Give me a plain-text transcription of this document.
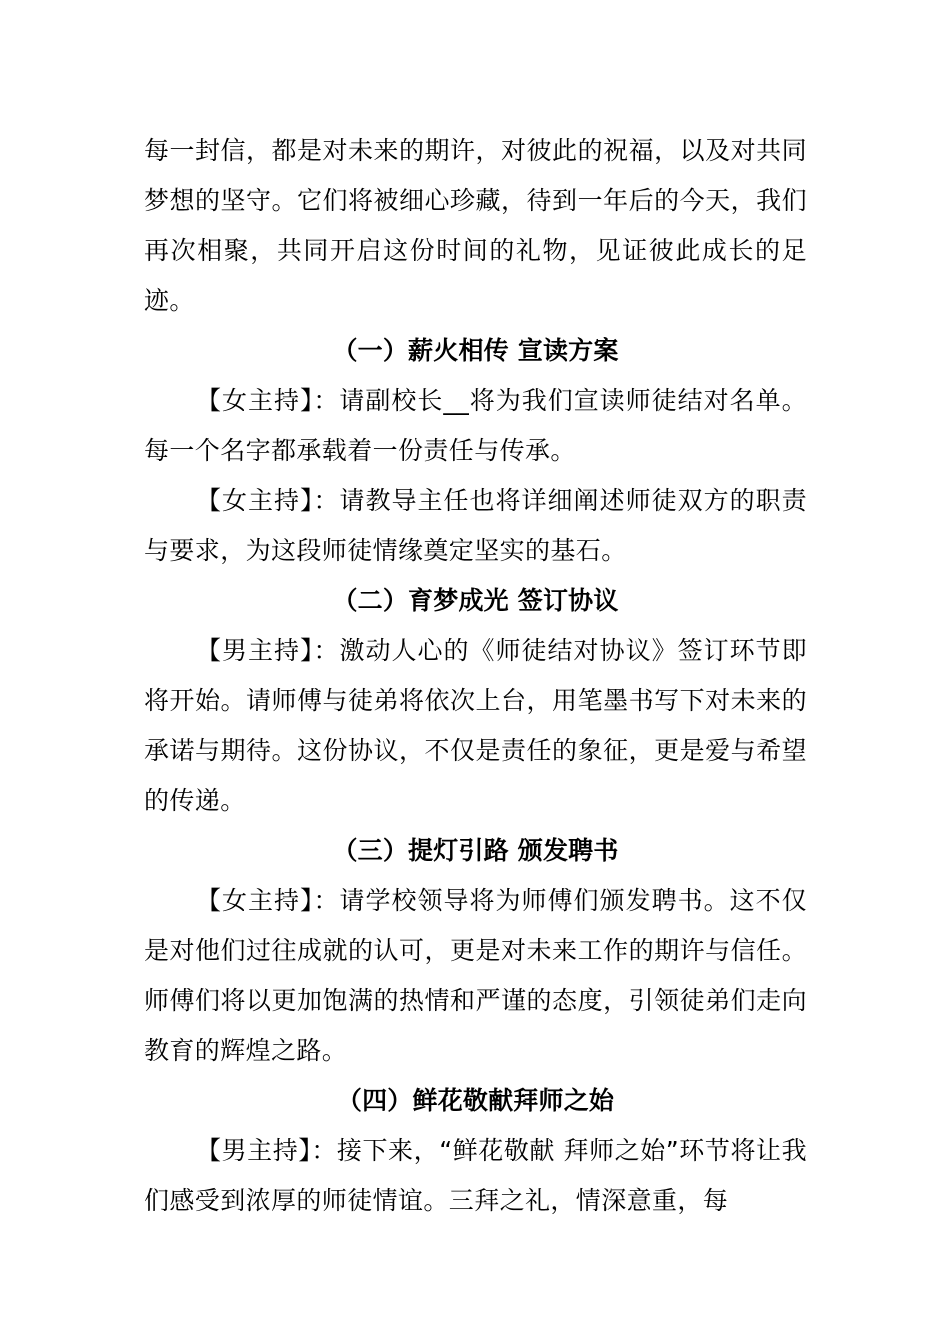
每一封信，都是对未来的期许，对彼此的祝福，以及对共同梦想的坚守。它们将被细心珍藏，待到一年后的今天，我们再次相聚，共同开启这份时间的礼物，见证彼此成长的足迹。

（一）薪火相传 宣读方案

【女主持】：请副校长__将为我们宣读师徒结对名单。每一个名字都承载着一份责任与传承。

【女主持】：请教导主任也将详细阐述师徒双方的职责与要求，为这段师徒情缘奠定坚实的基石。

（二）育梦成光 签订协议

【男主持】：激动人心的《师徒结对协议》签订环节即将开始。请师傅与徒弟将依次上台，用笔墨书写下对未来的承诺与期待。这份协议，不仅是责任的象征，更是爱与希望的传递。

（三）提灯引路 颁发聘书

【女主持】：请学校领导将为师傅们颁发聘书。这不仅是对他们过往成就的认可，更是对未来工作的期许与信任。师傅们将以更加饱满的热情和严谨的态度，引领徒弟们走向教育的辉煌之路。

（四）鲜花敬献拜师之始

【男主持】：接下来，“鲜花敬献 拜师之始”环节将让我们感受到浓厚的师徒情谊。三拜之礼，情深意重，每
